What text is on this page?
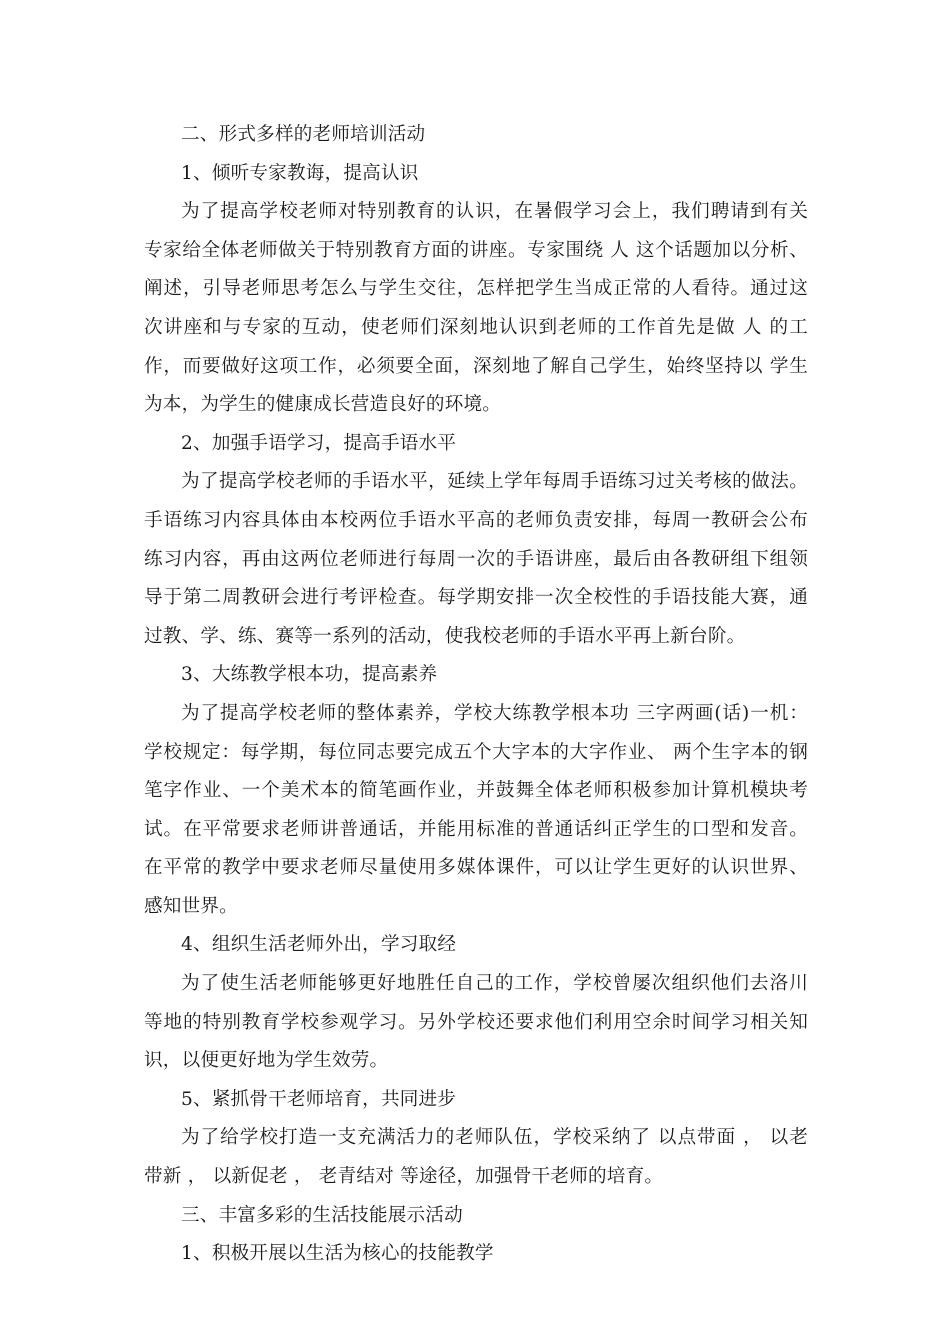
二、形式多样的老师培训活动
1、倾听专家教诲，提高认识
为了提高学校老师对特别教育的认识，在暑假学习会上，我们聘请到有关
专家给全体老师做关于特别教育方面的讲座。专家围绕 人 这个话题加以分析、
阐述，引导老师思考怎么与学生交往，怎样把学生当成正常的人看待。通过这
次讲座和与专家的互动，使老师们深刻地认识到老师的工作首先是做 人 的工
作，而要做好这项工作，必须要全面，深刻地了解自己学生，始终坚持以 学生
为本，为学生的健康成长营造良好的环境。
2、加强手语学习，提高手语水平
为了提高学校老师的手语水平，延续上学年每周手语练习过关考核的做法。
手语练习内容具体由本校两位手语水平高的老师负责安排，每周一教研会公布
练习内容，再由这两位老师进行每周一次的手语讲座，最后由各教研组下组领
导于第二周教研会进行考评检查。每学期安排一次全校性的手语技能大赛，通
过教、学、练、赛等一系列的活动，使我校老师的手语水平再上新台阶。
3、大练教学根本功，提高素养
为了提高学校老师的整体素养，学校大练教学根本功 三字两画(话)一机：
学校规定：每学期，每位同志要完成五个大字本的大字作业、 两个生字本的钢
笔字作业、一个美术本的简笔画作业，并鼓舞全体老师积极参加计算机模块考
试。在平常要求老师讲普通话，并能用标准的普通话纠正学生的口型和发音。
在平常的教学中要求老师尽量使用多媒体课件，可以让学生更好的认识世界、
感知世界。
4、组织生活老师外出，学习取经
为了使生活老师能够更好地胜任自己的工作，学校曾屡次组织他们去洛川
等地的特别教育学校参观学习。另外学校还要求他们利用空余时间学习相关知
识，以便更好地为学生效劳。
5、紧抓骨干老师培育，共同进步
为了给学校打造一支充满活力的老师队伍，学校采纳了 以点带面 ， 以老
带新 ， 以新促老 ， 老青结对 等途径，加强骨干老师的培育。
三、丰富多彩的生活技能展示活动
1、积极开展以生活为核心的技能教学
